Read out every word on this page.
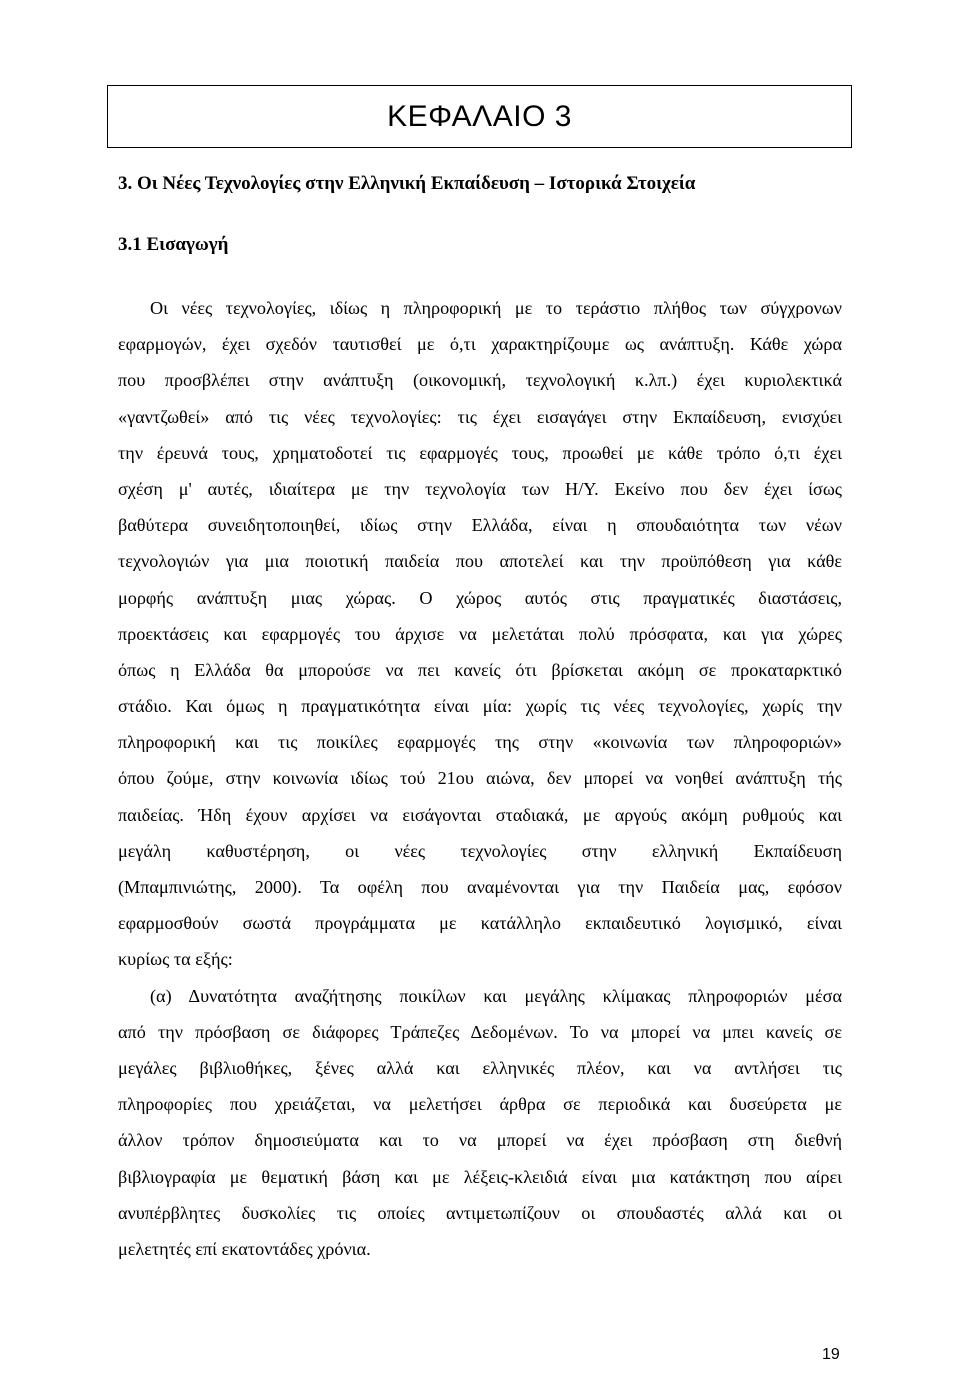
ΚΕΦΑΛΑΙΟ 3
3. Οι Νέες Τεχνολογίες στην Ελληνική Εκπαίδευση – Ιστορικά Στοιχεία
3.1 Εισαγωγή
Οι νέες τεχνολογίες, ιδίως η πληροφορική με το τεράστιο πλήθος των σύγχρονων
εφαρμογών, έχει σχεδόν ταυτισθεί με ό,τι χαρακτηρίζουμε ως ανάπτυξη. Κάθε χώρα
που προσβλέπει στην ανάπτυξη (οικονομική, τεχνολογική κ.λπ.) έχει κυριολεκτικά
«γαντζωθεί» από τις νέες τεχνολογίες: τις έχει εισαγάγει στην Εκπαίδευση, ενισχύει
την έρευνά τους, χρηματοδοτεί τις εφαρμογές τους, προωθεί με κάθε τρόπο ό,τι έχει
σχέση μ' αυτές, ιδιαίτερα με την τεχνολογία των Η/Υ. Εκείνο που δεν έχει ίσως
βαθύτερα συνειδητοποιηθεί, ιδίως στην Ελλάδα, είναι η σπουδαιότητα των νέων
τεχνολογιών για μια ποιοτική παιδεία που αποτελεί και την προϋπόθεση για κάθε
μορφής ανάπτυξη μιας χώρας. Ο χώρος αυτός στις πραγματικές διαστάσεις,
προεκτάσεις και εφαρμογές του άρχισε να μελετάται πολύ πρόσφατα, και για χώρες
όπως η Ελλάδα θα μπορούσε να πει κανείς ότι βρίσκεται ακόμη σε προκαταρκτικό
στάδιο. Και όμως η πραγματικότητα είναι μία: χωρίς τις νέες τεχνολογίες, χωρίς την
πληροφορική και τις ποικίλες εφαρμογές της στην «κοινωνία των πληροφοριών»
όπου ζούμε, στην κοινωνία ιδίως τού 21ου αιώνα, δεν μπορεί να νοηθεί ανάπτυξη τής
παιδείας. Ήδη έχουν αρχίσει να εισάγονται σταδιακά, με αργούς ακόμη ρυθμούς και
μεγάλη καθυστέρηση, οι νέες τεχνολογίες στην ελληνική Εκπαίδευση
(Μπαμπινιώτης, 2000). Τα οφέλη που αναμένονται για την Παιδεία μας, εφόσον
εφαρμοσθούν σωστά προγράμματα με κατάλληλο εκπαιδευτικό λογισμικό, είναι
κυρίως τα εξής:
(α) Δυνατότητα αναζήτησης ποικίλων και μεγάλης κλίμακας πληροφοριών μέσα
από την πρόσβαση σε διάφορες Τράπεζες Δεδομένων. Το να μπορεί να μπει κανείς σε
μεγάλες βιβλιοθήκες, ξένες αλλά και ελληνικές πλέον, και να αντλήσει τις
πληροφορίες που χρειάζεται, να μελετήσει άρθρα σε περιοδικά και δυσεύρετα με
άλλον τρόπον δημοσιεύματα και το να μπορεί να έχει πρόσβαση στη διεθνή
βιβλιογραφία με θεματική βάση και με λέξεις-κλειδιά είναι μια κατάκτηση που αίρει
ανυπέρβλητες δυσκολίες τις οποίες αντιμετωπίζουν οι σπουδαστές αλλά και οι
μελετητές επί εκατοντάδες χρόνια.
19
